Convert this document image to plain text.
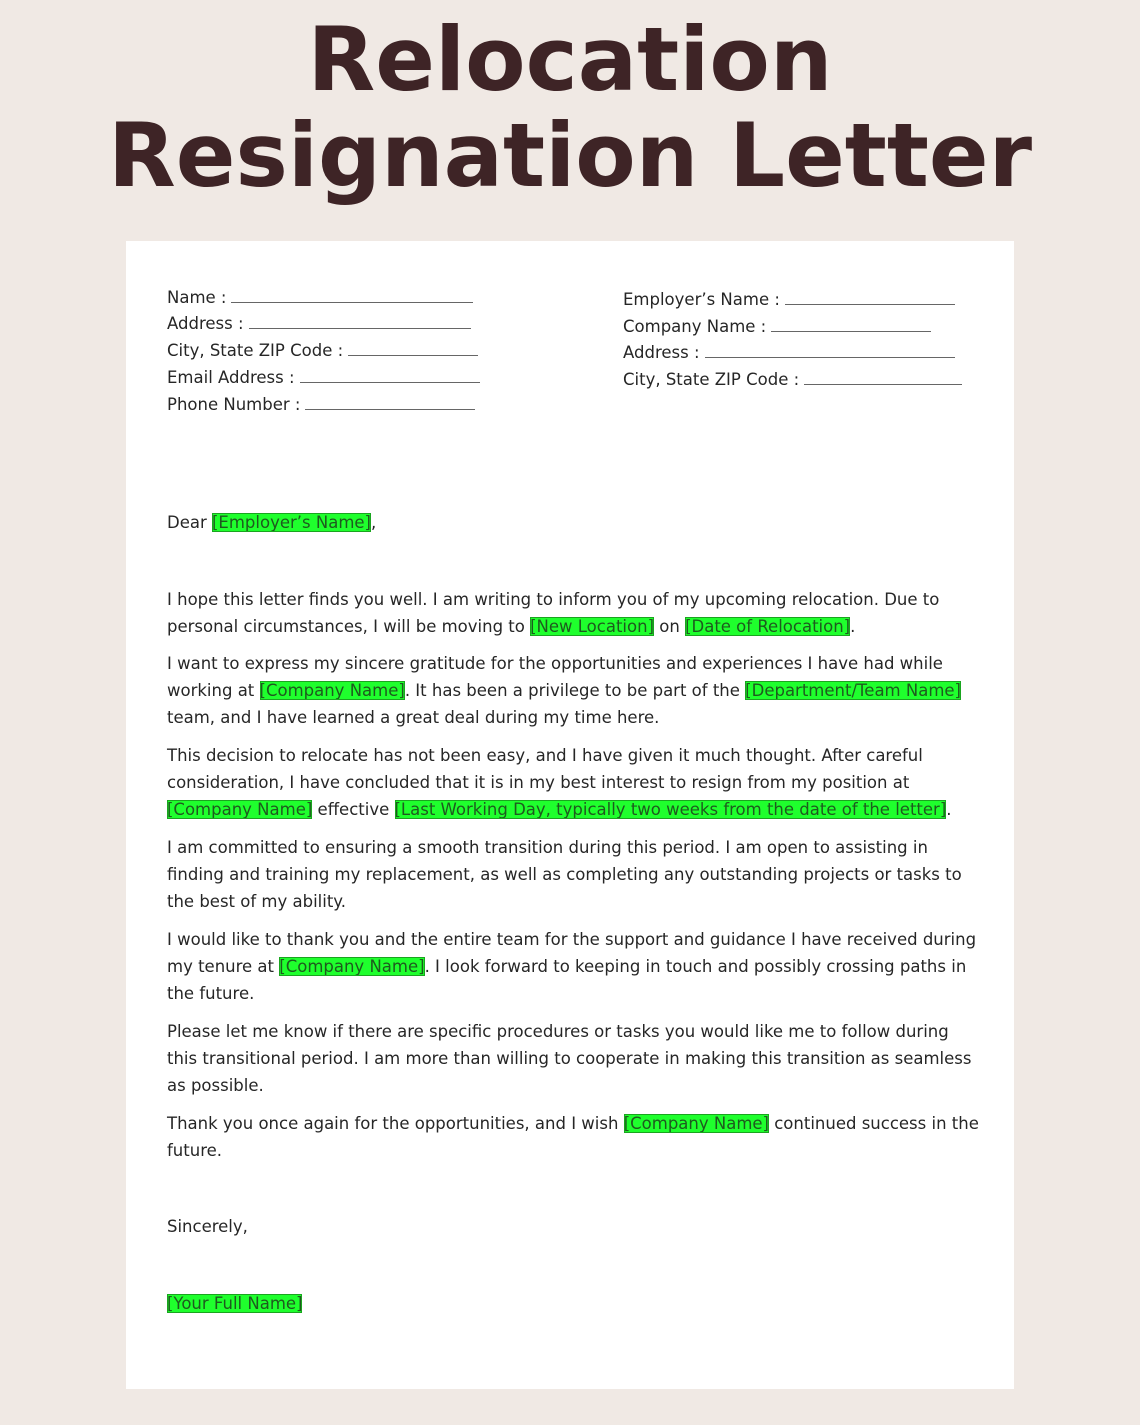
Relocation
Resignation Letter
Name :
Address :
City, State ZIP Code :
Email Address :
Phone Number :
Employer’s Name :
Company Name :
Address :
City, State ZIP Code :

Dear [Employer’s Name],

I hope this letter finds you well. I am writing to inform you of my upcoming relocation. Due to personal circumstances, I will be moving to [New Location] on [Date of Relocation].

I want to express my sincere gratitude for the opportunities and experiences I have had while working at [Company Name]. It has been a privilege to be part of the [Department/Team Name] team, and I have learned a great deal during my time here.

This decision to relocate has not been easy, and I have given it much thought. After careful consideration, I have concluded that it is in my best interest to resign from my position at [Company Name] effective [Last Working Day, typically two weeks from the date of the letter].

I am committed to ensuring a smooth transition during this period. I am open to assisting in finding and training my replacement, as well as completing any outstanding projects or tasks to the best of my ability.

I would like to thank you and the entire team for the support and guidance I have received during my tenure at [Company Name]. I look forward to keeping in touch and possibly crossing paths in the future.

Please let me know if there are specific procedures or tasks you would like me to follow during this transitional period. I am more than willing to cooperate in making this transition as seamless as possible.

Thank you once again for the opportunities, and I wish [Company Name] continued success in the future.

Sincerely,

[Your Full Name]
